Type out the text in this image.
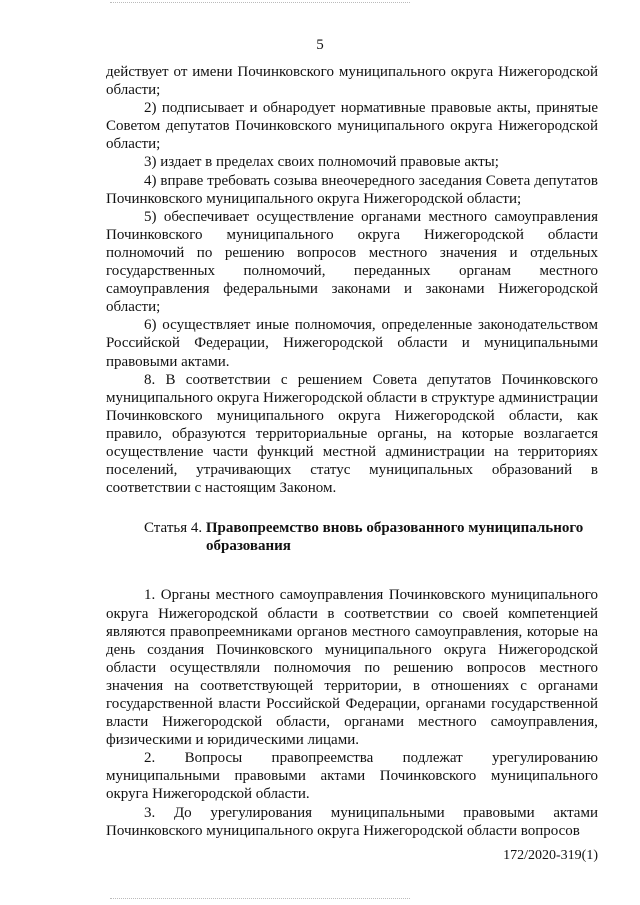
5

действует от имени Починковского муниципального округа Нижегородской области;

2) подписывает и обнародует нормативные правовые акты, принятые Советом депутатов Починковского муниципального округа Нижегородской области;

3) издает в пределах своих полномочий правовые акты;

4) вправе требовать созыва внеочередного заседания Совета депутатов Починковского муниципального округа Нижегородской области;

5) обеспечивает осуществление органами местного самоуправления Починковского муниципального округа Нижегородской области полномочий по решению вопросов местного значения и отдельных государственных полномочий, переданных органам местного самоуправления федеральными законами и законами Нижегородской области;

6) осуществляет иные полномочия, определенные законодательством Российской Федерации, Нижегородской области и муниципальными правовыми актами.

8. В соответствии с решением Совета депутатов Починковского муниципального округа Нижегородской области в структуре администрации Починковского муниципального округа Нижегородской области, как правило, образуются территориальные органы, на которые возлагается осуществление части функций местной администрации на территориях поселений, утрачивающих статус муниципальных образований в соответствии с настоящим Законом.

Статья 4. Правопреемство вновь образованного муниципального
образования

1. Органы местного самоуправления Починковского муниципального округа Нижегородской области в соответствии со своей компетенцией являются правопреемниками органов местного самоуправления, которые на день создания Починковского муниципального округа Нижегородской области осуществляли полномочия по решению вопросов местного значения на соответствующей территории, в отношениях с органами государственной власти Российской Федерации, органами государственной власти Нижегородской области, органами местного самоуправления, физическими и юридическими лицами.

2. Вопросы правопреемства подлежат урегулированию муниципальными правовыми актами Починковского муниципального округа Нижегородской области.

3. До урегулирования муниципальными правовыми актами Починковского муниципального округа Нижегородской области вопросов

172/2020-319(1)
